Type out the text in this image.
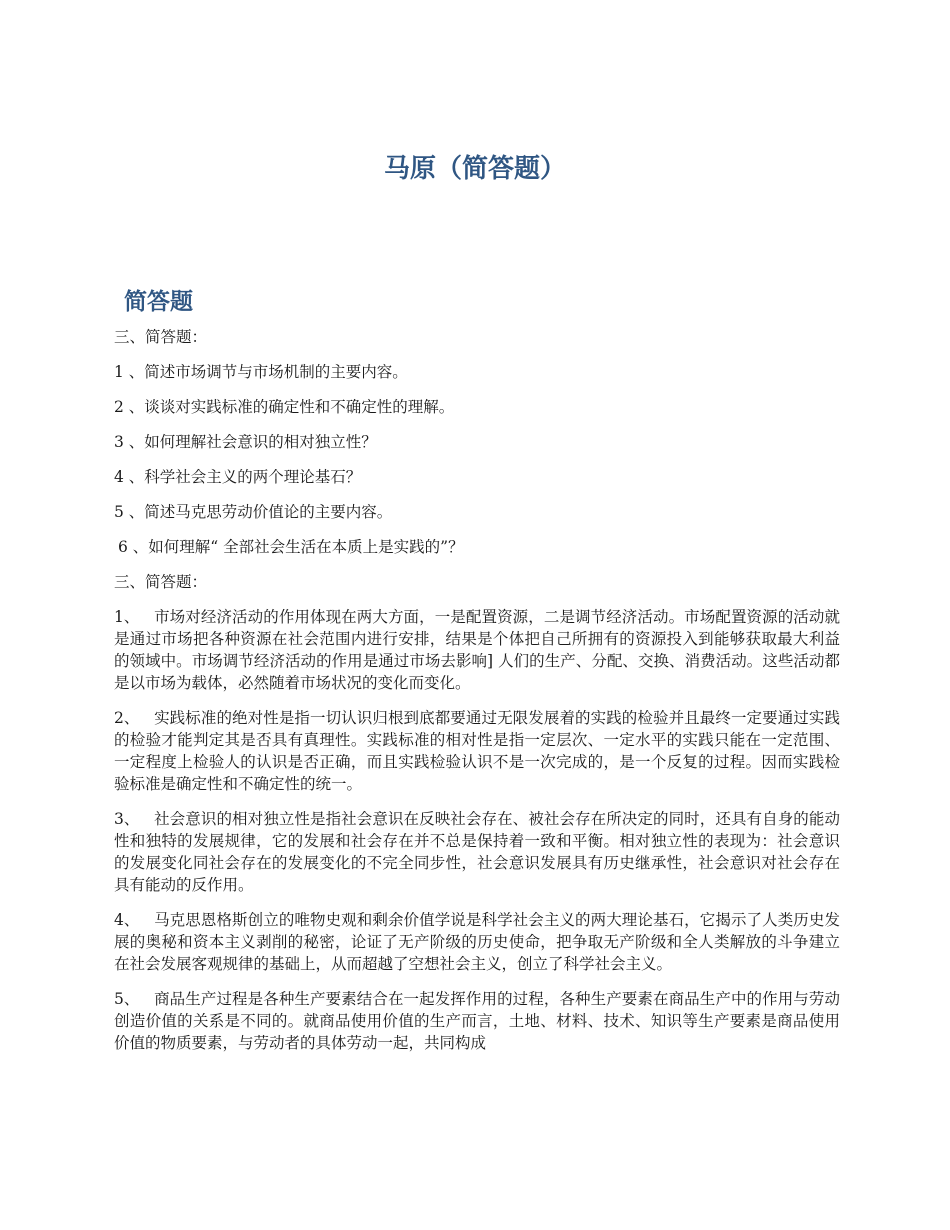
马原（简答题）
简答题

三、简答题：

1 、简述市场调节与市场机制的主要内容。

2 、谈谈对实践标准的确定性和不确定性的理解。

3 、如何理解社会意识的相对独立性？

4 、科学社会主义的两个理论基石？

5 、简述马克思劳动价值论的主要内容。

6 、如何理解“ 全部社会生活在本质上是实践的”？

三、简答题：

1、 市场对经济活动的作用体现在两大方面，一是配置资源，二是调节经济活动。市场配置资源的活动就是通过市场把各种资源在社会范围内进行安排，结果是个体把自己所拥有的资源投入到能够获取最大利益的领域中。市场调节经济活动的作用是通过市场去影响] 人们的生产、分配、交换、消费活动。这些活动都是以市场为载体，必然随着市场状况的变化而变化。

2、 实践标准的绝对性是指一切认识归根到底都要通过无限发展着的实践的检验并且最终一定要通过实践的检验才能判定其是否具有真理性。实践标准的相对性是指一定层次、一定水平的实践只能在一定范围、一定程度上检验人的认识是否正确，而且实践检验认识不是一次完成的，是一个反复的过程。因而实践检验标准是确定性和不确定性的统一。

3、 社会意识的相对独立性是指社会意识在反映社会存在、被社会存在所决定的同时，还具有自身的能动性和独特的发展规律，它的发展和社会存在并不总是保持着一致和平衡。相对独立性的表现为：社会意识的发展变化同社会存在的发展变化的不完全同步性，社会意识发展具有历史继承性，社会意识对社会存在具有能动的反作用。

4、 马克思恩格斯创立的唯物史观和剩余价值学说是科学社会主义的两大理论基石，它揭示了人类历史发展的奥秘和资本主义剥削的秘密，论证了无产阶级的历史使命，把争取无产阶级和全人类解放的斗争建立在社会发展客观规律的基础上，从而超越了空想社会主义，创立了科学社会主义。

5、 商品生产过程是各种生产要素结合在一起发挥作用的过程，各种生产要素在商品生产中的作用与劳动创造价值的关系是不同的。就商品使用价值的生产而言，土地、材料、技术、知识等生产要素是商品使用价值的物质要素，与劳动者的具体劳动一起，共同构成
